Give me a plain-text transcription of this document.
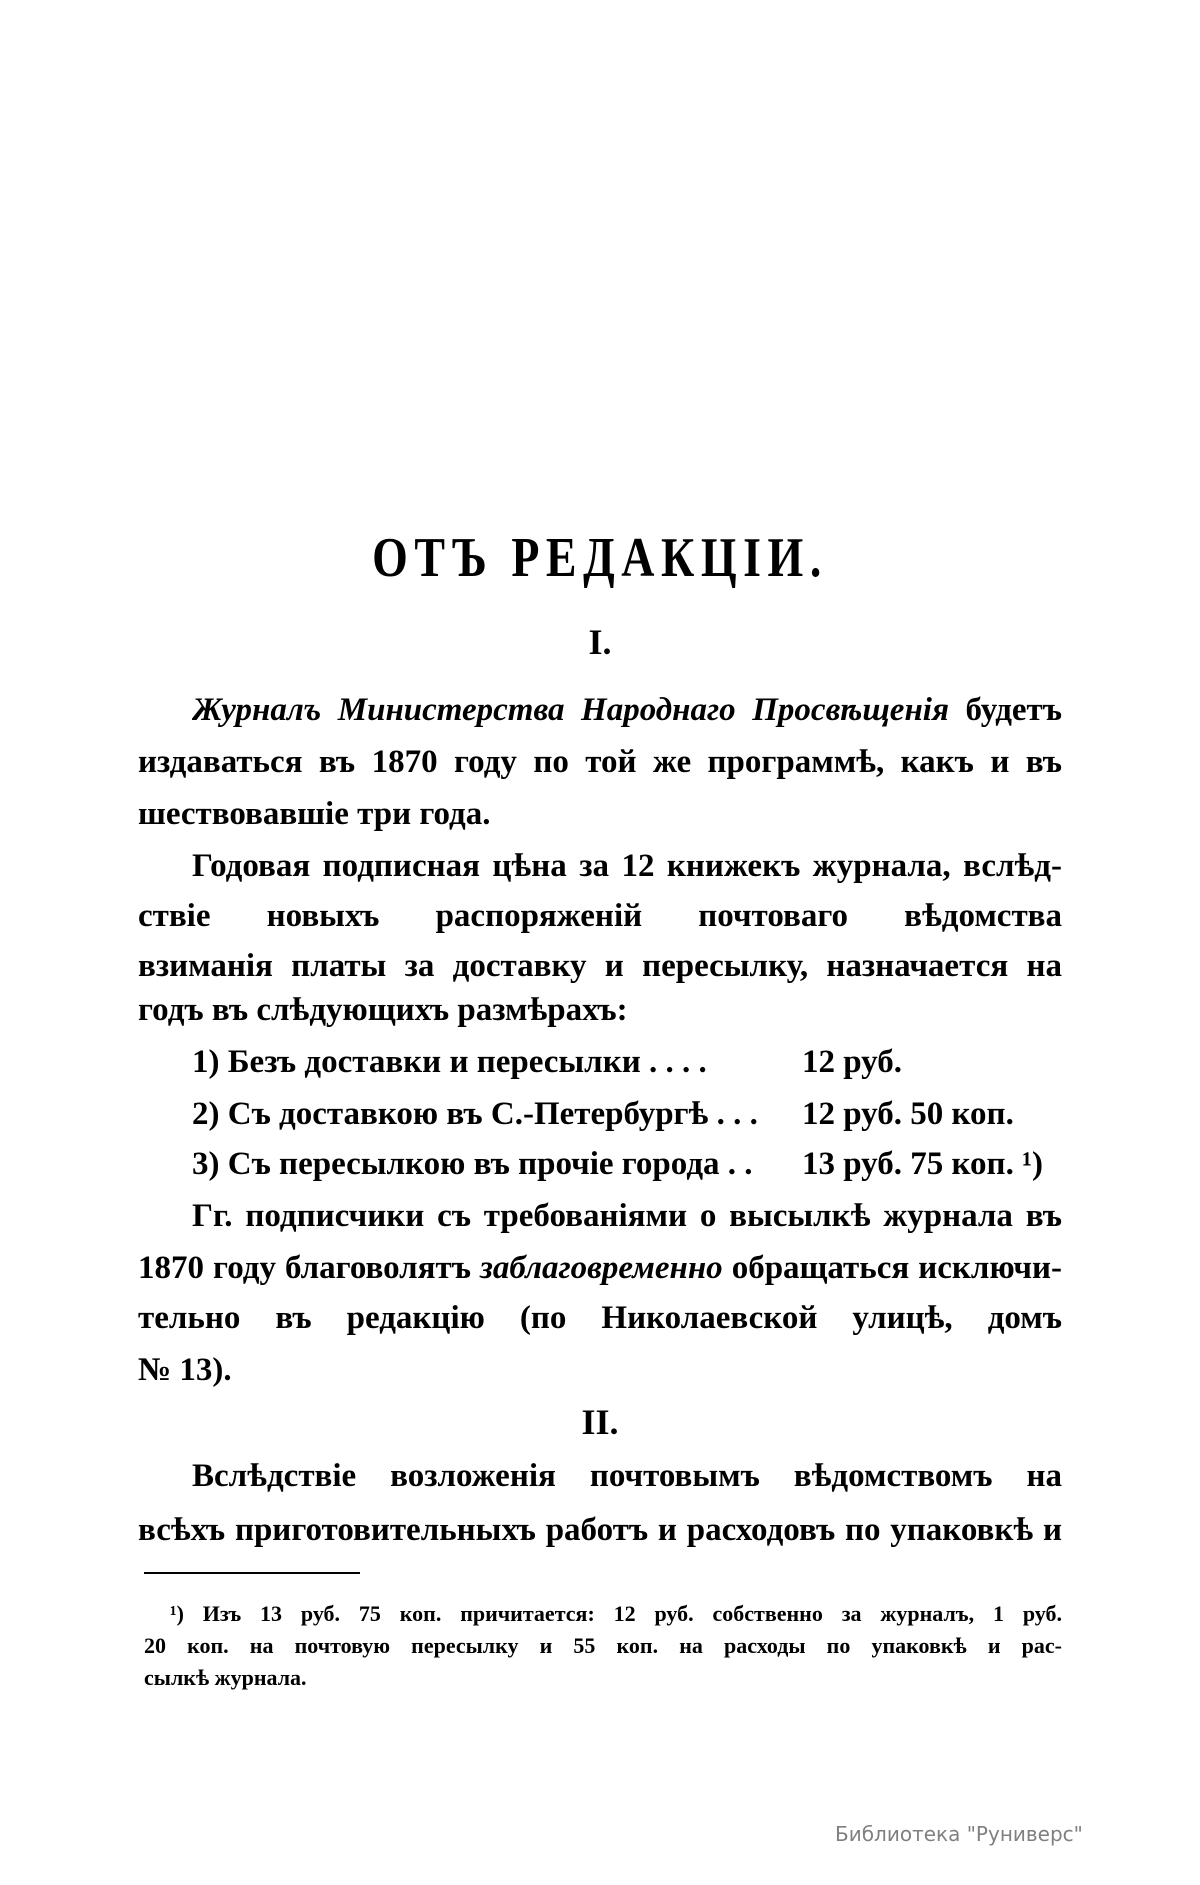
ОТЪ РЕДАКЦІИ.
I.
Журналъ Министерства Народнаго Просвѣщенія будетъ
издаваться въ 1870 году по той же программѣ, какъ и въ
шествовавшіе три года.
Годовая подписная цѣна за 12 книжекъ журнала, вслѣд-
ствіе новыхъ распоряженій почтоваго вѣдомства
взиманія платы за доставку и пересылку, назначается на
годъ въ слѣдующихъ размѣрахъ:
1) Безъ доставки и пересылки . . . .	12 руб.
2) Съ доставкою въ С.-Петербургѣ . . . 12 руб. 50 коп.
3) Съ пересылкою въ прочіе города . . 13 руб. 75 коп. ¹)
Гг. подписчики съ требованіями о высылкѣ журнала въ
1870 году благоволятъ заблаговременно обращаться исключи-
тельно въ редакцію (по Николаевской улицѣ, домъ
№ 13).
II.
Вслѣдствіе возложенія почтовымъ вѣдомствомъ на
всѣхъ приготовительныхъ работъ и расходовъ по упаковкѣ и
¹) Изъ 13 руб. 75 коп. причитается: 12 руб. собственно за журналъ, 1 руб.
20 коп. на почтовую пересылку и 55 коп. на расходы по упаковкѣ и рас-
сылкѣ журнала.
Библиотека "Руниверс"
